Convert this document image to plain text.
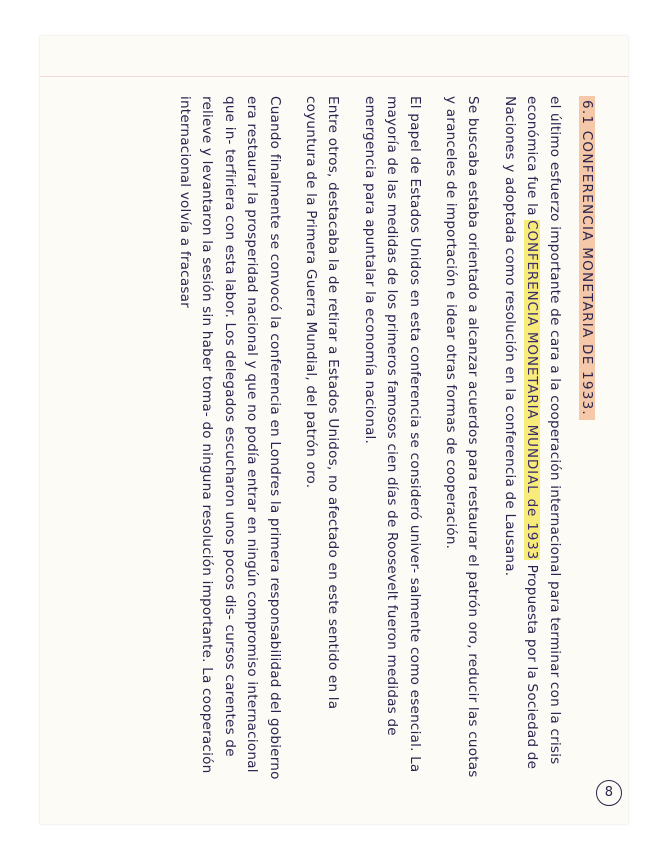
8
6.1 CONFERENCIA MONETARIA DE 1933.

el último esfuerzo importante de cara a la cooperación internacional para terminar con la crisis económica fue la CONFERENCIA MONETARIA MUNDIAL de 1933 Propuesta por la Sociedad de Naciones y adoptada como resolución en la conferencia de Lausana.

Se buscaba estaba orientado a alcanzar acuerdos para restaurar el patrón oro, reducir las cuotas y aranceles de importación e idear otras formas de cooperación.

El papel de Estados Unidos en esta conferencia se consideró univer- salmente como esencial. La mayoría de las medidas de los primeros famosos cien días de Roosevelt fueron medidas de emergencia para apuntalar la economía nacional.

Entre otros, destacaba la de retirar a Estados Unidos, no afectado en este sentido en la coyuntura de la Primera Guerra Mundial, del patrón oro.

Cuando finalmente se convocó la conferencia en Londres la primera responsabilidad del gobierno era restaurar la prosperidad nacional y que no podía entrar en ningún compromiso internacional que in- terfiriera con esta labor. Los delegados escucharon unos pocos dis- cursos carentes de relieve y levantaron la sesión sin haber toma- do ninguna resolución importante. La cooperación internacional volvía a fracasar
